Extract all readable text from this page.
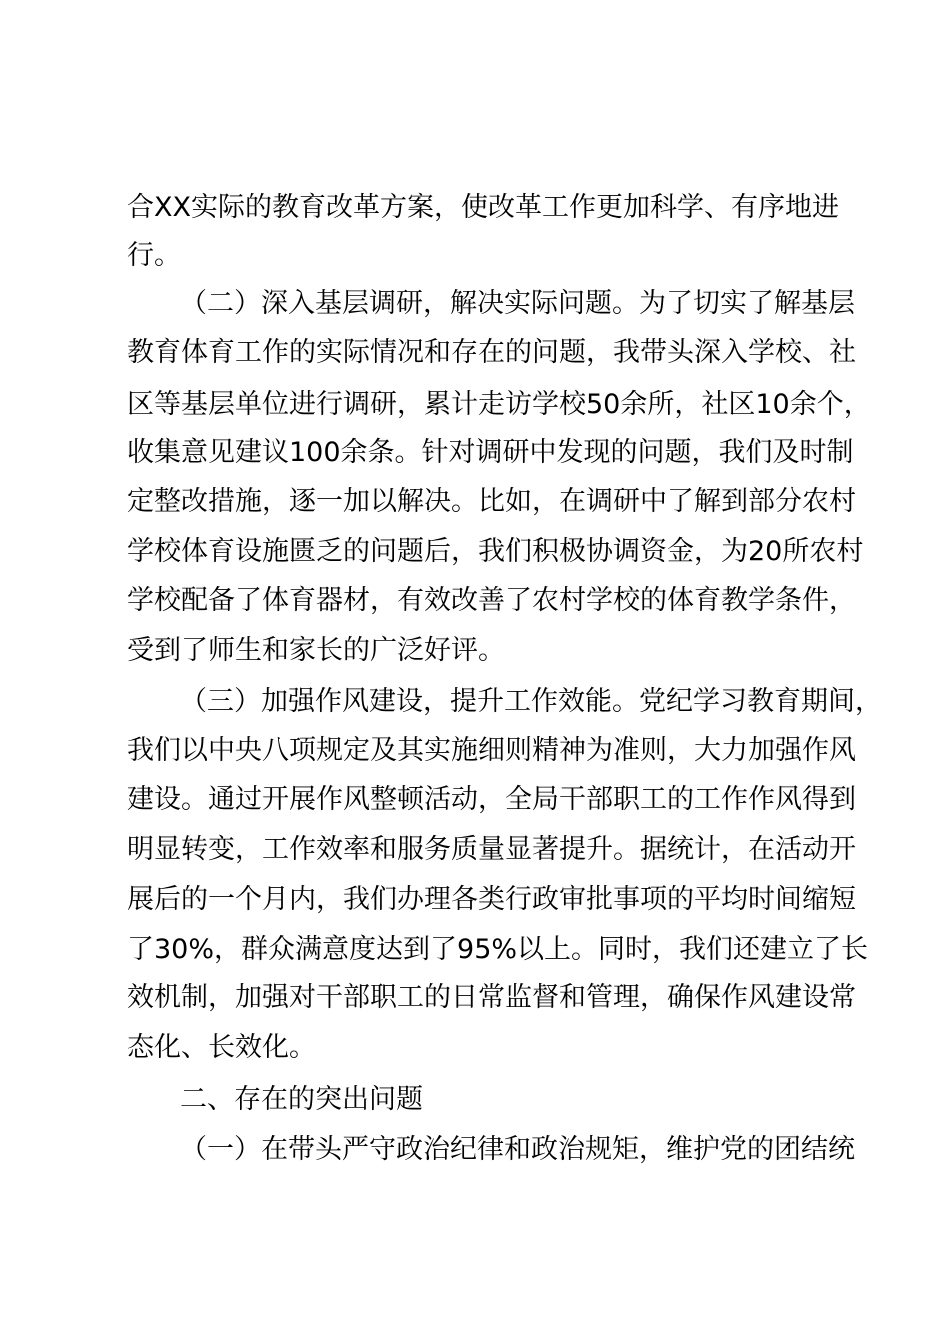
合XX实际的教育改革方案，使改革工作更加科学、有序地进
行。
（二）深入基层调研，解决实际问题。为了切实了解基层
教育体育工作的实际情况和存在的问题，我带头深入学校、社
区等基层单位进行调研，累计走访学校50余所，社区10余个，
收集意见建议100余条。针对调研中发现的问题，我们及时制
定整改措施，逐一加以解决。比如，在调研中了解到部分农村
学校体育设施匮乏的问题后，我们积极协调资金，为20所农村
学校配备了体育器材，有效改善了农村学校的体育教学条件，
受到了师生和家长的广泛好评。
（三）加强作风建设，提升工作效能。党纪学习教育期间，
我们以中央八项规定及其实施细则精神为准则，大力加强作风
建设。通过开展作风整顿活动，全局干部职工的工作作风得到
明显转变，工作效率和服务质量显著提升。据统计，在活动开
展后的一个月内，我们办理各类行政审批事项的平均时间缩短
了30%，群众满意度达到了95%以上。同时，我们还建立了长
效机制，加强对干部职工的日常监督和管理，确保作风建设常
态化、长效化。
二、存在的突出问题
（一）在带头严守政治纪律和政治规矩，维护党的团结统
